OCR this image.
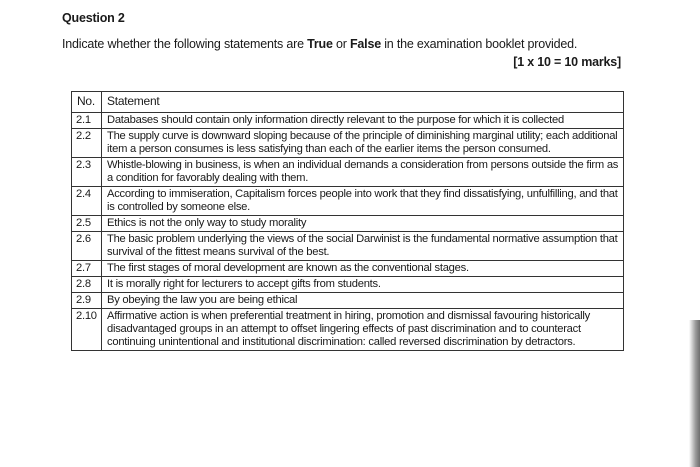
Question 2
Indicate whether the following statements are True or False in the examination booklet provided.
[1 x 10 = 10 marks]
No.	Statement
2.1	Databases should contain only information directly relevant to the purpose for which it is collected
2.2	The supply curve is downward sloping because of the principle of diminishing marginal utility; each additional item a person consumes is less satisfying than each of the earlier items the person consumed.
2.3	Whistle-blowing in business, is when an individual demands a consideration from persons outside the firm as a condition for favorably dealing with them.
2.4	According to immiseration, Capitalism forces people into work that they find dissatisfying, unfulfilling, and that is controlled by someone else.
2.5	Ethics is not the only way to study morality
2.6	The basic problem underlying the views of the social Darwinist is the fundamental normative assumption that survival of the fittest means survival of the best.
2.7	The first stages of moral development are known as the conventional stages.
2.8	It is morally right for lecturers to accept gifts from students.
2.9	By obeying the law you are being ethical
2.10	Affirmative action is when preferential treatment in hiring, promotion and dismissal favouring historically disadvantaged groups in an attempt to offset lingering effects of past discrimination and to counteract continuing unintentional and institutional discrimination: called reversed discrimination by detractors.
